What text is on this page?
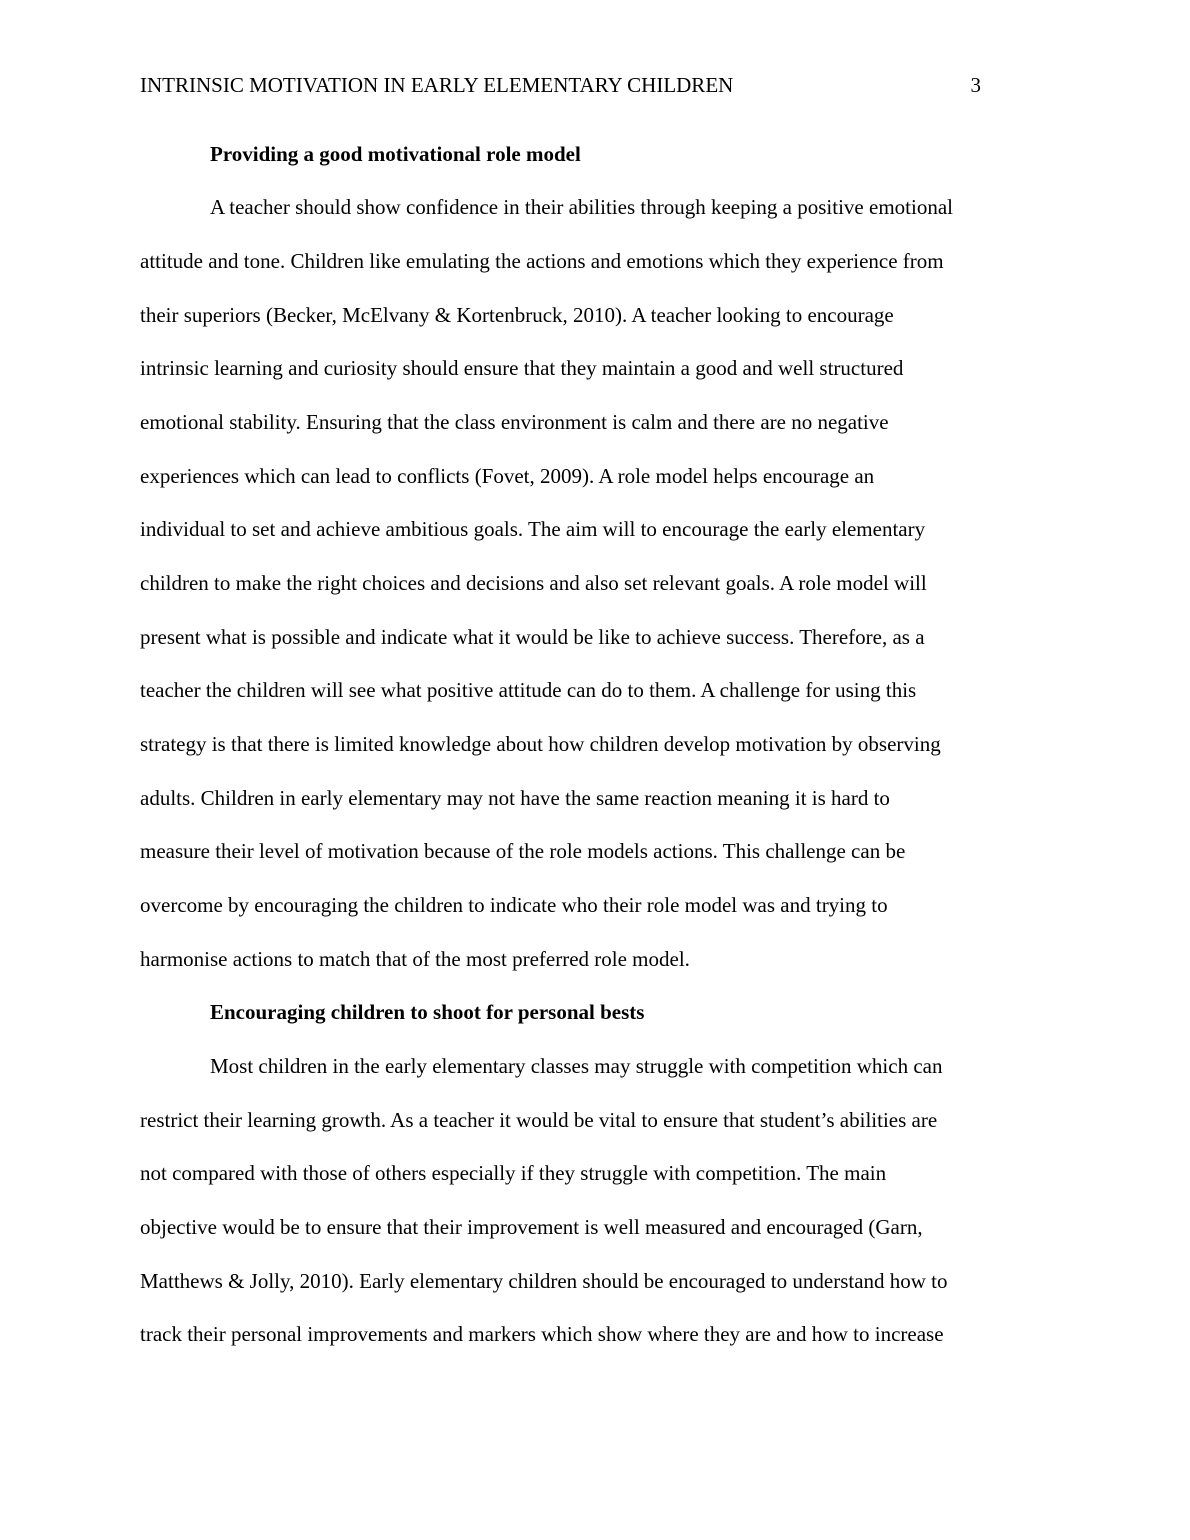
INTRINSIC MOTIVATION IN EARLY ELEMENTARY CHILDREN	3
Providing a good motivational role model
A teacher should show confidence in their abilities through keeping a positive emotional
attitude and tone. Children like emulating the actions and emotions which they experience from
their superiors (Becker, McElvany & Kortenbruck, 2010). A teacher looking to encourage
intrinsic learning and curiosity should ensure that they maintain a good and well structured
emotional stability. Ensuring that the class environment is calm and there are no negative
experiences which can lead to conflicts (Fovet, 2009). A role model helps encourage an
individual to set and achieve ambitious goals. The aim will to encourage the early elementary
children to make the right choices and decisions and also set relevant goals. A role model will
present what is possible and indicate what it would be like to achieve success. Therefore, as a
teacher the children will see what positive attitude can do to them. A challenge for using this
strategy is that there is limited knowledge about how children develop motivation by observing
adults. Children in early elementary may not have the same reaction meaning it is hard to
measure their level of motivation because of the role models actions. This challenge can be
overcome by encouraging the children to indicate who their role model was and trying to
harmonise actions to match that of the most preferred role model.
Encouraging children to shoot for personal bests
Most children in the early elementary classes may struggle with competition which can
restrict their learning growth. As a teacher it would be vital to ensure that student’s abilities are
not compared with those of others especially if they struggle with competition. The main
objective would be to ensure that their improvement is well measured and encouraged (Garn,
Matthews & Jolly, 2010). Early elementary children should be encouraged to understand how to
track their personal improvements and markers which show where they are and how to increase
